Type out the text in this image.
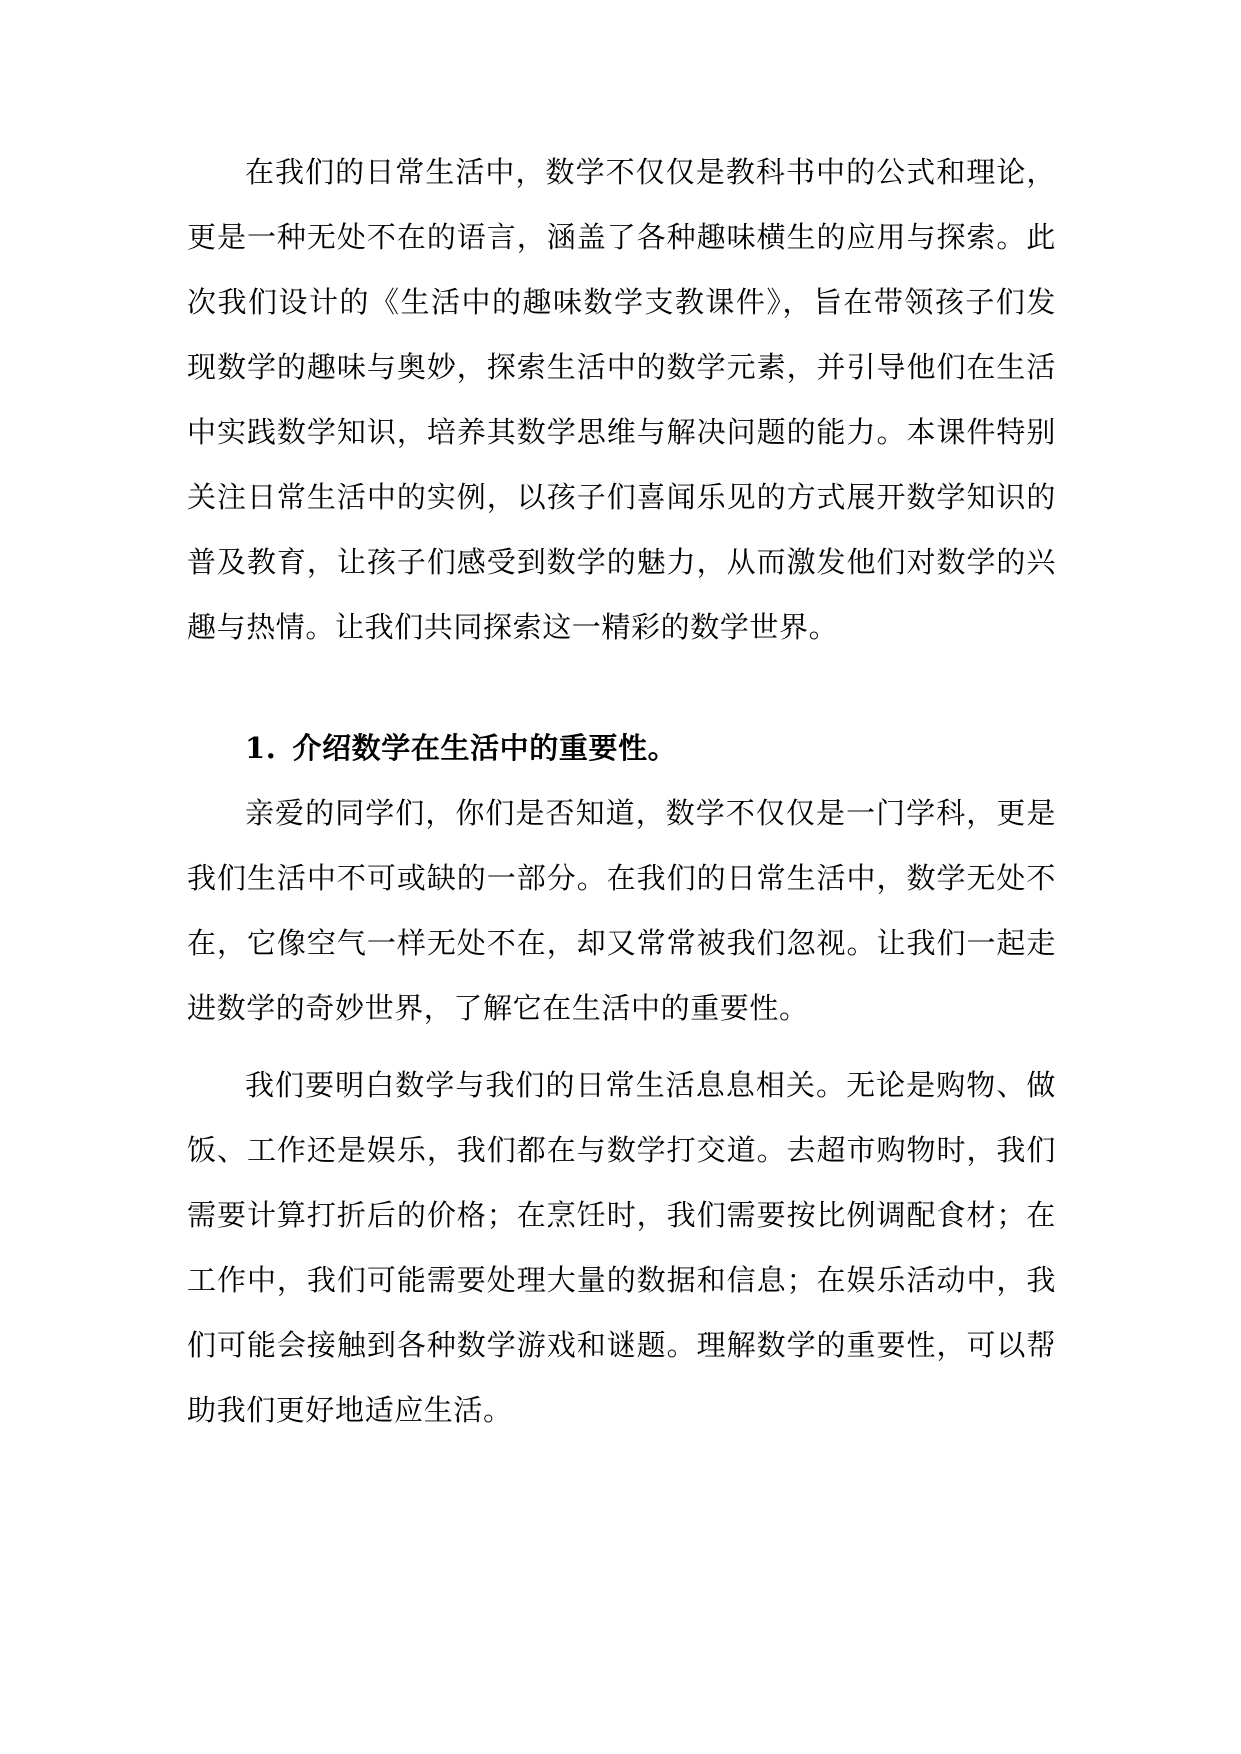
在我们的日常生活中，数学不仅仅是教科书中的公式和理论，更是一种无处不在的语言，涵盖了各种趣味横生的应用与探索。此次我们设计的《生活中的趣味数学支教课件》，旨在带领孩子们发现数学的趣味与奥妙，探索生活中的数学元素，并引导他们在生活中实践数学知识，培养其数学思维与解决问题的能力。本课件特别关注日常生活中的实例，以孩子们喜闻乐见的方式展开数学知识的普及教育，让孩子们感受到数学的魅力，从而激发他们对数学的兴趣与热情。让我们共同探索这一精彩的数学世界。

1. 介绍数学在生活中的重要性。

亲爱的同学们，你们是否知道，数学不仅仅是一门学科，更是我们生活中不可或缺的一部分。在我们的日常生活中，数学无处不在，它像空气一样无处不在，却又常常被我们忽视。让我们一起走进数学的奇妙世界，了解它在生活中的重要性。

我们要明白数学与我们的日常生活息息相关。无论是购物、做饭、工作还是娱乐，我们都在与数学打交道。去超市购物时，我们需要计算打折后的价格；在烹饪时，我们需要按比例调配食材；在工作中，我们可能需要处理大量的数据和信息；在娱乐活动中，我们可能会接触到各种数学游戏和谜题。理解数学的重要性，可以帮助我们更好地适应生活。
